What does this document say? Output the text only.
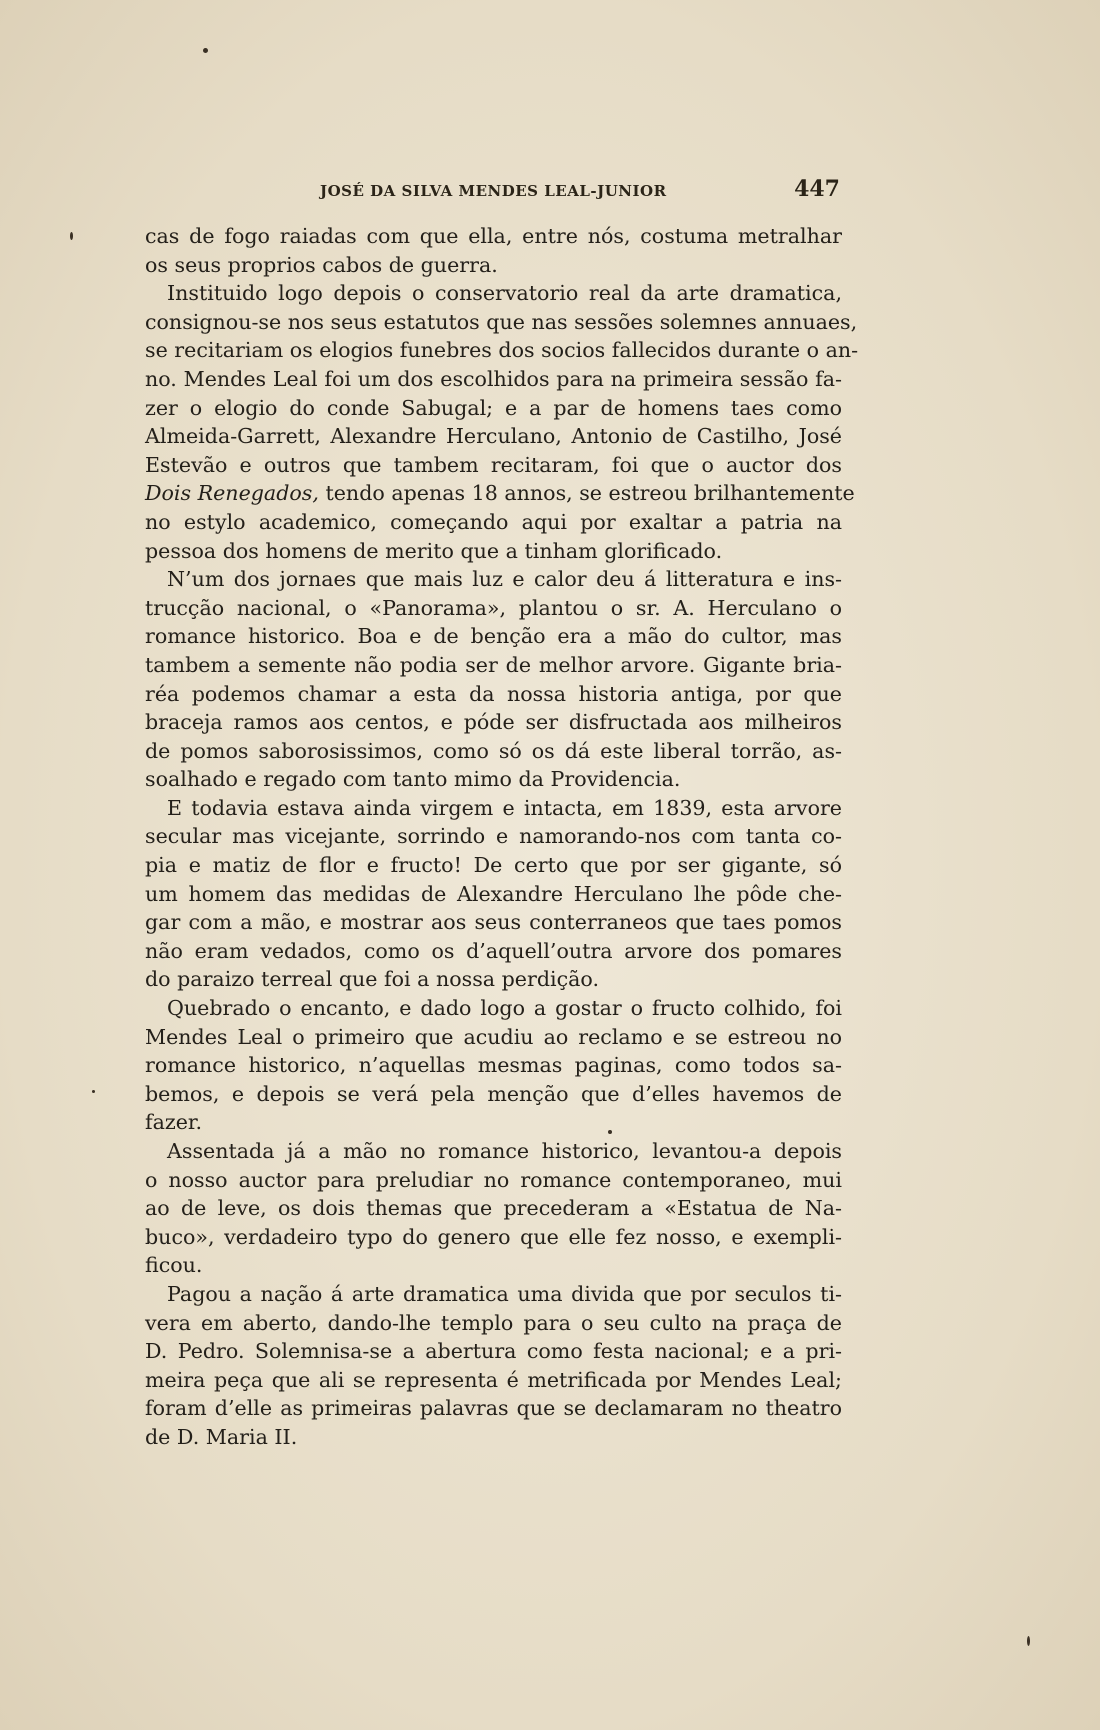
JOSÉ DA SILVA MENDES LEAL-JUNIOR	447
cas de fogo raiadas com que ella, entre nós, costuma metralhar
os seus proprios cabos de guerra.
Instituido logo depois o conservatorio real da arte dramatica,
consignou-se nos seus estatutos que nas sessões solemnes annuaes,
se recitariam os elogios funebres dos socios fallecidos durante o an-
no. Mendes Leal foi um dos escolhidos para na primeira sessão fa-
zer o elogio do conde Sabugal; e a par de homens taes como
Almeida-Garrett, Alexandre Herculano, Antonio de Castilho, José
Estevão e outros que tambem recitaram, foi que o auctor dos
Dois Renegados, tendo apenas 18 annos, se estreou brilhantemente
no estylo academico, começando aqui por exaltar a patria na
pessoa dos homens de merito que a tinham glorificado.
N’um dos jornaes que mais luz e calor deu á litteratura e ins-
trucção nacional, o «Panorama», plantou o sr. A. Herculano o
romance historico. Boa e de benção era a mão do cultor, mas
tambem a semente não podia ser de melhor arvore. Gigante bria-
réa podemos chamar a esta da nossa historia antiga, por que
braceja ramos aos centos, e póde ser disfructada aos milheiros
de pomos saborosissimos, como só os dá este liberal torrão, as-
soalhado e regado com tanto mimo da Providencia.
E todavia estava ainda virgem e intacta, em 1839, esta arvore
secular mas vicejante, sorrindo e namorando-nos com tanta co-
pia e matiz de flor e fructo! De certo que por ser gigante, só
um homem das medidas de Alexandre Herculano lhe pôde che-
gar com a mão, e mostrar aos seus conterraneos que taes pomos
não eram vedados, como os d’aquell’outra arvore dos pomares
do paraizo terreal que foi a nossa perdição.
Quebrado o encanto, e dado logo a gostar o fructo colhido, foi
Mendes Leal o primeiro que acudiu ao reclamo e se estreou no
romance historico, n’aquellas mesmas paginas, como todos sa-
bemos, e depois se verá pela menção que d’elles havemos de
fazer.
Assentada já a mão no romance historico, levantou-a depois
o nosso auctor para preludiar no romance contemporaneo, mui
ao de leve, os dois themas que precederam a «Estatua de Na-
buco», verdadeiro typo do genero que elle fez nosso, e exempli-
ficou.
Pagou a nação á arte dramatica uma divida que por seculos ti-
vera em aberto, dando-lhe templo para o seu culto na praça de
D. Pedro. Solemnisa-se a abertura como festa nacional; e a pri-
meira peça que ali se representa é metrificada por Mendes Leal;
foram d’elle as primeiras palavras que se declamaram no theatro
de D. Maria II.
